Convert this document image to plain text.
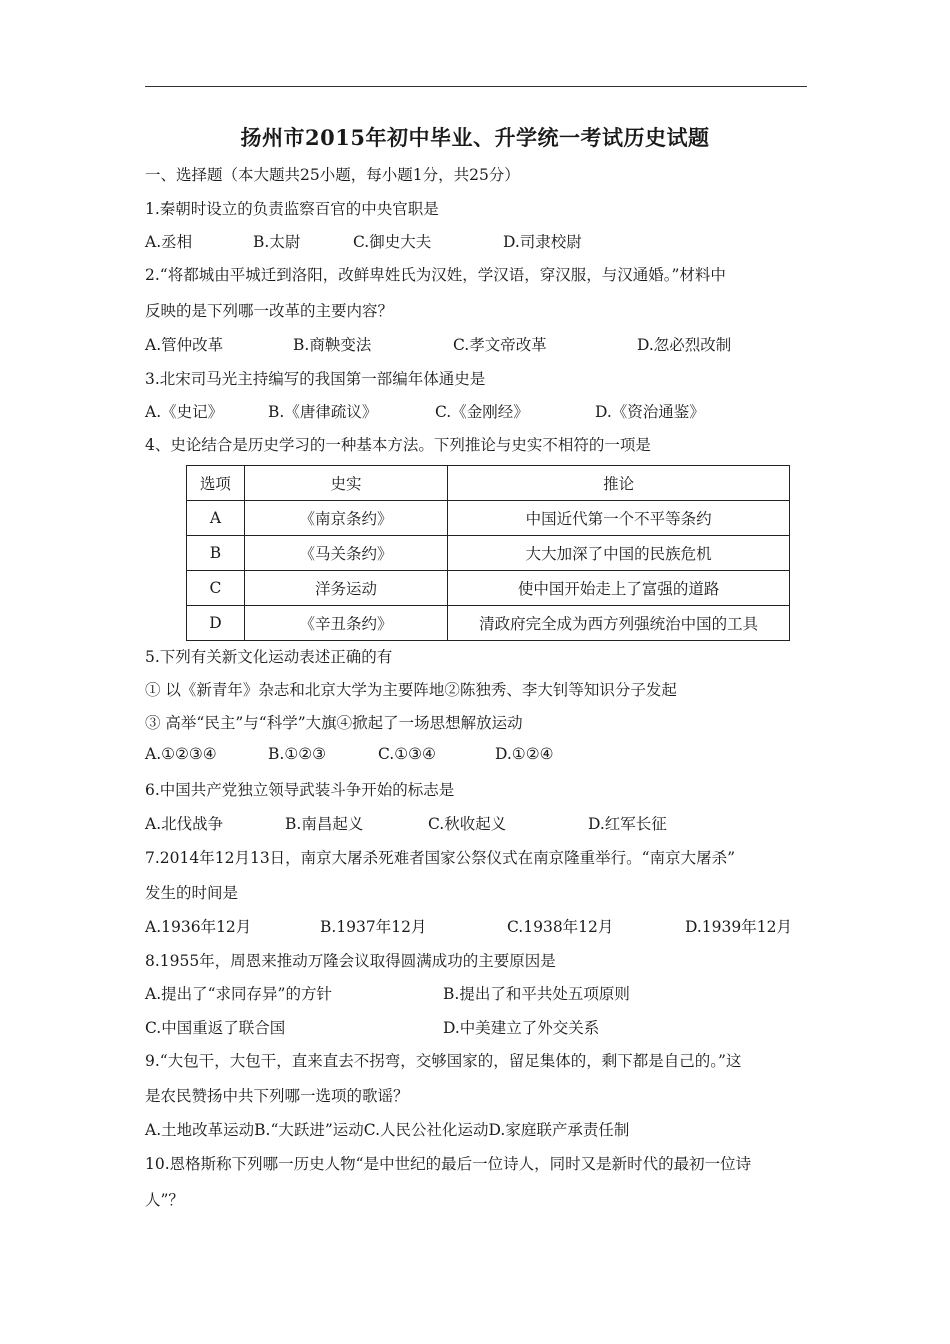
扬州市2015年初中毕业、升学统一考试历史试题
一、选择题（本大题共25小题，每小题1分，共25分）
1.秦朝时设立的负责监察百官的中央官职是
A.丞相	B.太尉	C.御史大夫	D.司隶校尉
2.“将都城由平城迁到洛阳，改鲜卑姓氏为汉姓，学汉语，穿汉服，与汉通婚。”材料中
反映的是下列哪一改革的主要内容？
A.管仲改革	B.商鞅变法	C.孝文帝改革	D.忽必烈改制
3.北宋司马光主持编写的我国第一部编年体通史是
A.《史记》	B.《唐律疏议》	C.《金刚经》	D.《资治通鉴》
4、史论结合是历史学习的一种基本方法。下列推论与史实不相符的一项是
选项	史实	推论
A	《南京条约》	中国近代第一个不平等条约
B	《马关条约》	大大加深了中国的民族危机
C	洋务运动	使中国开始走上了富强的道路
D	《辛丑条约》	清政府完全成为西方列强统治中国的工具
5.下列有关新文化运动表述正确的有
① 以《新青年》杂志和北京大学为主要阵地②陈独秀、李大钊等知识分子发起
③ 高举“民主”与“科学”大旗④掀起了一场思想解放运动
A.①②③④	B.①②③	C.①③④	D.①②④
6.中国共产党独立领导武装斗争开始的标志是
A.北伐战争	B.南昌起义	C.秋收起义	D.红军长征
7.2014年12月13日，南京大屠杀死难者国家公祭仪式在南京隆重举行。“南京大屠杀”
发生的时间是
A.1936年12月	B.1937年12月	C.1938年12月	D.1939年12月
8.1955年，周恩来推动万隆会议取得圆满成功的主要原因是
A.提出了“求同存异”的方针	B.提出了和平共处五项原则
C.中国重返了联合国	D.中美建立了外交关系
9.“大包干，大包干，直来直去不拐弯，交够国家的，留足集体的，剩下都是自己的。”这
是农民赞扬中共下列哪一选项的歌谣？
A.土地改革运动B.“大跃进”运动C.人民公社化运动D.家庭联产承责任制
10.恩格斯称下列哪一历史人物“是中世纪的最后一位诗人，同时又是新时代的最初一位诗
人”？
